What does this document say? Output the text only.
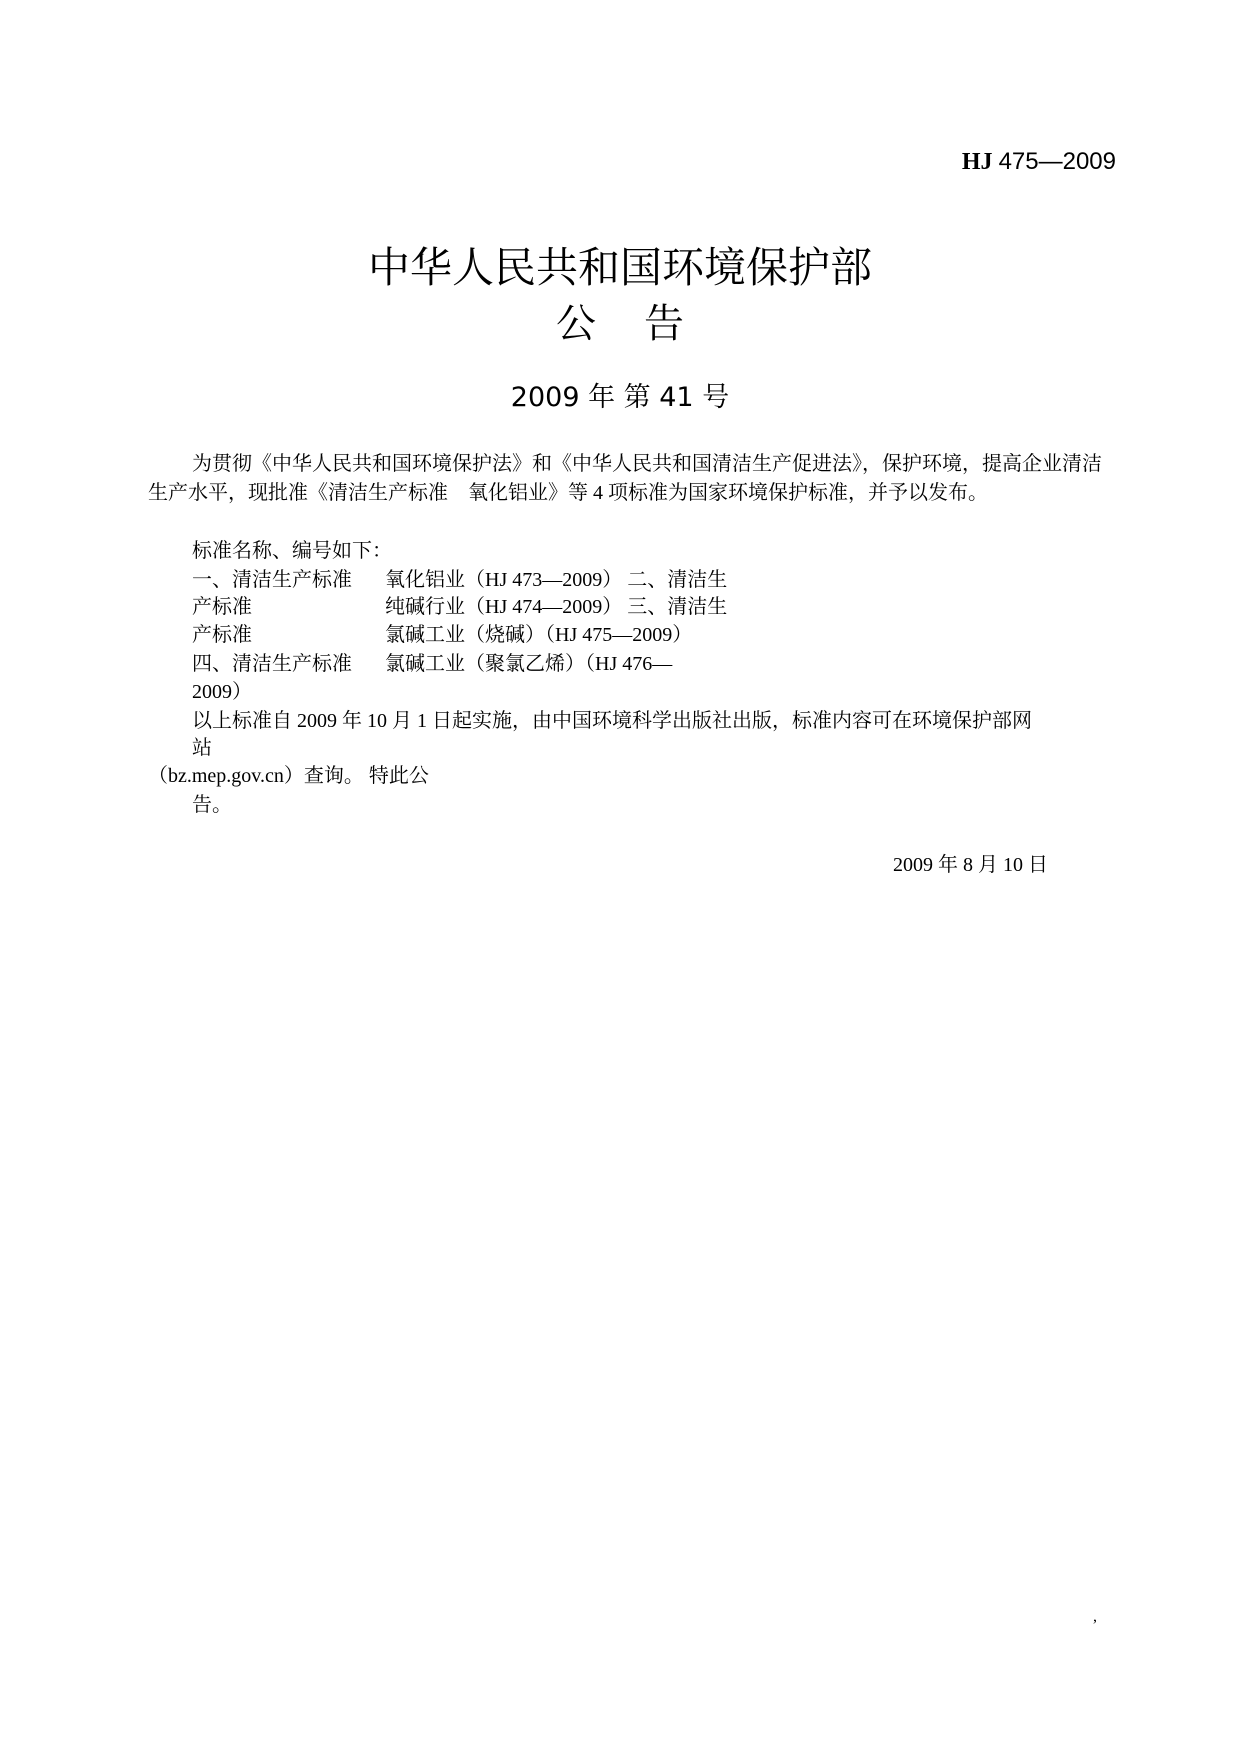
HJ 475—2009
中华人民共和国环境保护部
公告
2009 年 第 41 号
为贯彻《中华人民共和国环境保护法》和《中华人民共和国清洁生产促进法》，保护环境，提高企业清洁生产水平，现批准《清洁生产标准　氧化铝业》等 4 项标准为国家环境保护标准，并予以发布。
标准名称、编号如下：
一、清洁生产标准 氧化铝业（HJ 473—2009） 二、清洁生
产标准	纯碱行业（HJ 474—2009） 三、清洁生
产标准	氯碱工业（烧碱）（HJ 475—2009）
四、清洁生产标准 氯碱工业（聚氯乙烯）（HJ 476—
2009）
以上标准自 2009 年 10 月 1 日起实施，由中国环境科学出版社出版，标准内容可在环境保护部网
站
（bz.mep.gov.cn）查询。 特此公
告。
2009 年 8 月 10 日
,
